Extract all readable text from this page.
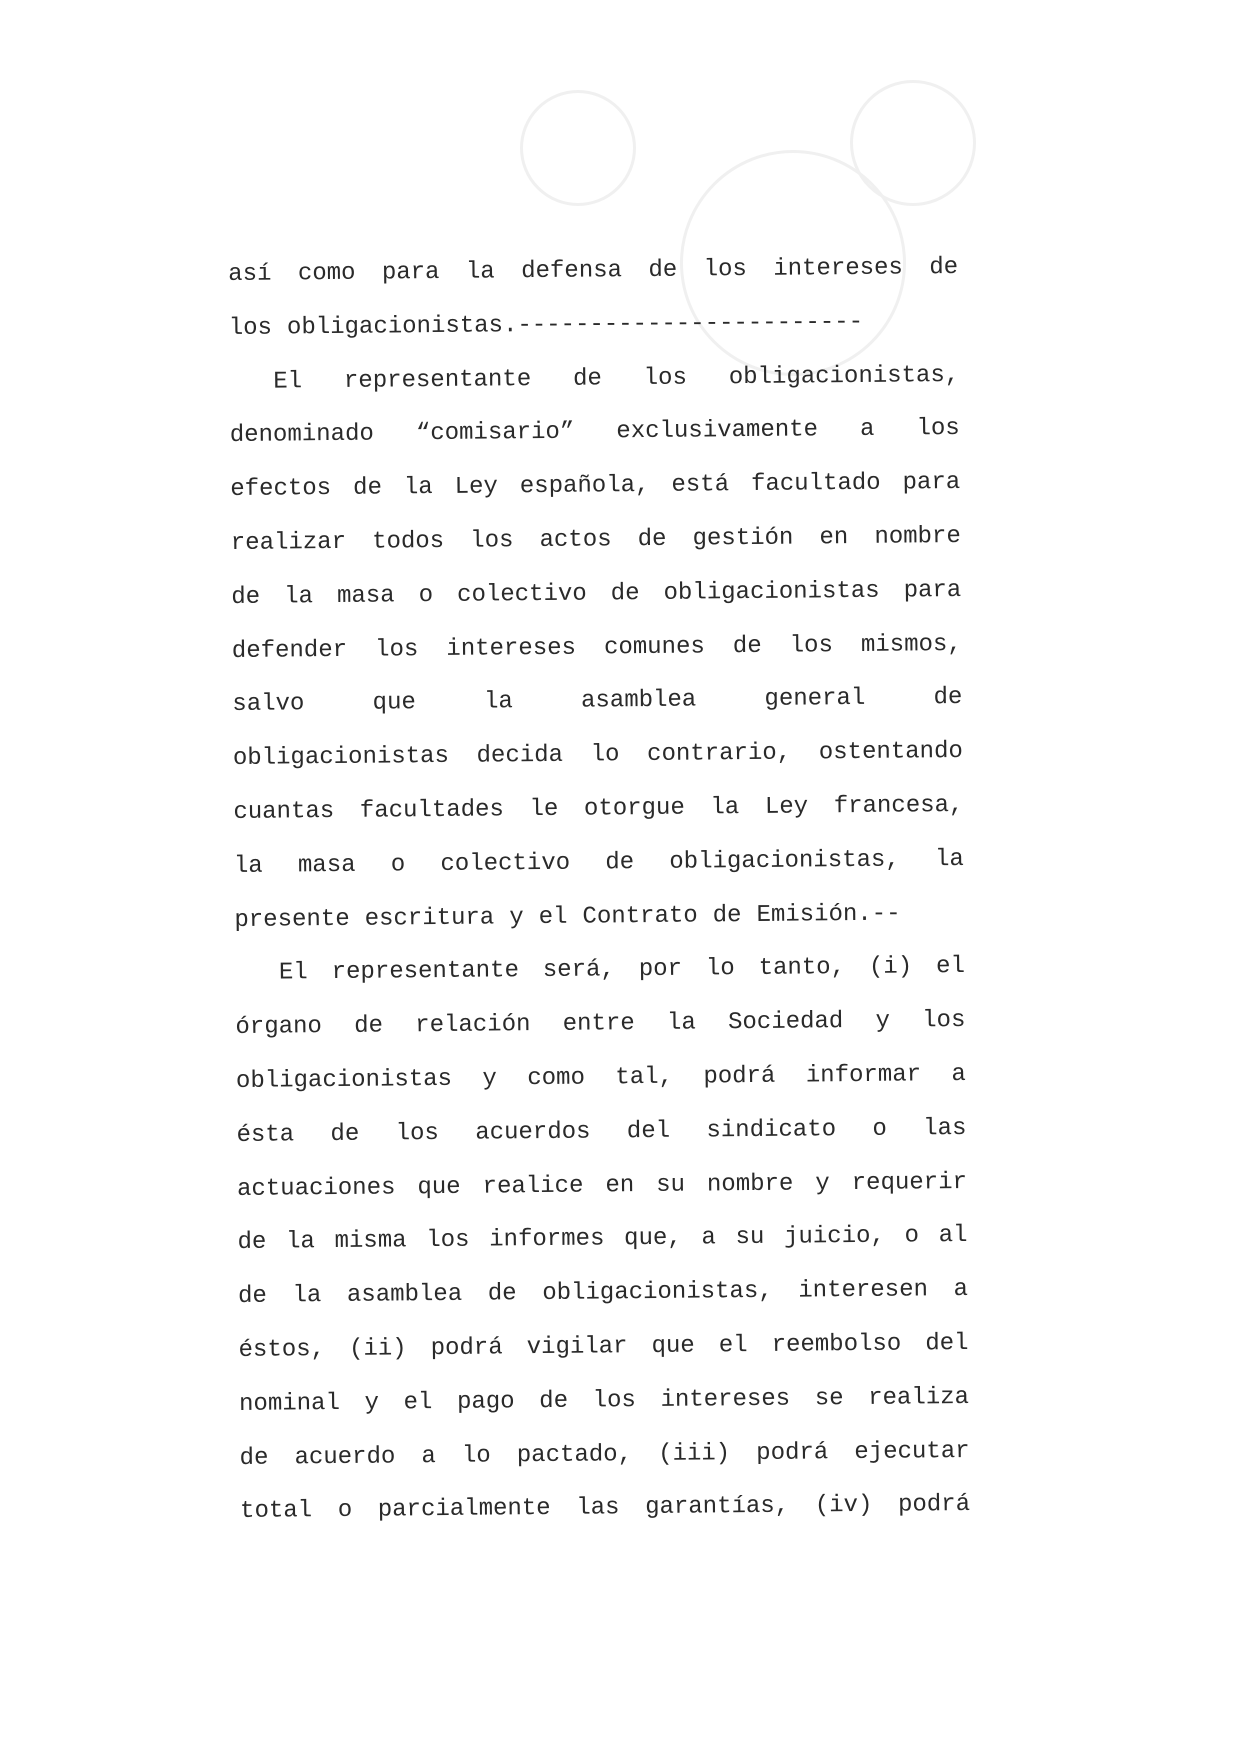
así como para la defensa de los intereses de
los obligacionistas.------------------------
El representante de los obligacionistas,
denominado “comisario” exclusivamente a los
efectos de la Ley española, está facultado para
realizar todos los actos de gestión en nombre
de la masa o colectivo de obligacionistas para
defender los intereses comunes de los mismos,
salvo	que	la	asamblea	general	de
obligacionistas decida lo contrario, ostentando
cuantas facultades le otorgue la Ley francesa,
la masa o colectivo de obligacionistas, la
presente escritura y el Contrato de Emisión.--
El representante será, por lo tanto, (i) el
órgano de relación entre la Sociedad y los
obligacionistas y como tal, podrá informar a
ésta de los acuerdos del sindicato o las
actuaciones que realice en su nombre y requerir
de la misma los informes que, a su juicio, o al
de la asamblea de obligacionistas, interesen a
éstos, (ii) podrá vigilar que el reembolso del
nominal y el pago de los intereses se realiza
de acuerdo a lo pactado, (iii) podrá ejecutar
total o parcialmente las garantías, (iv) podrá
